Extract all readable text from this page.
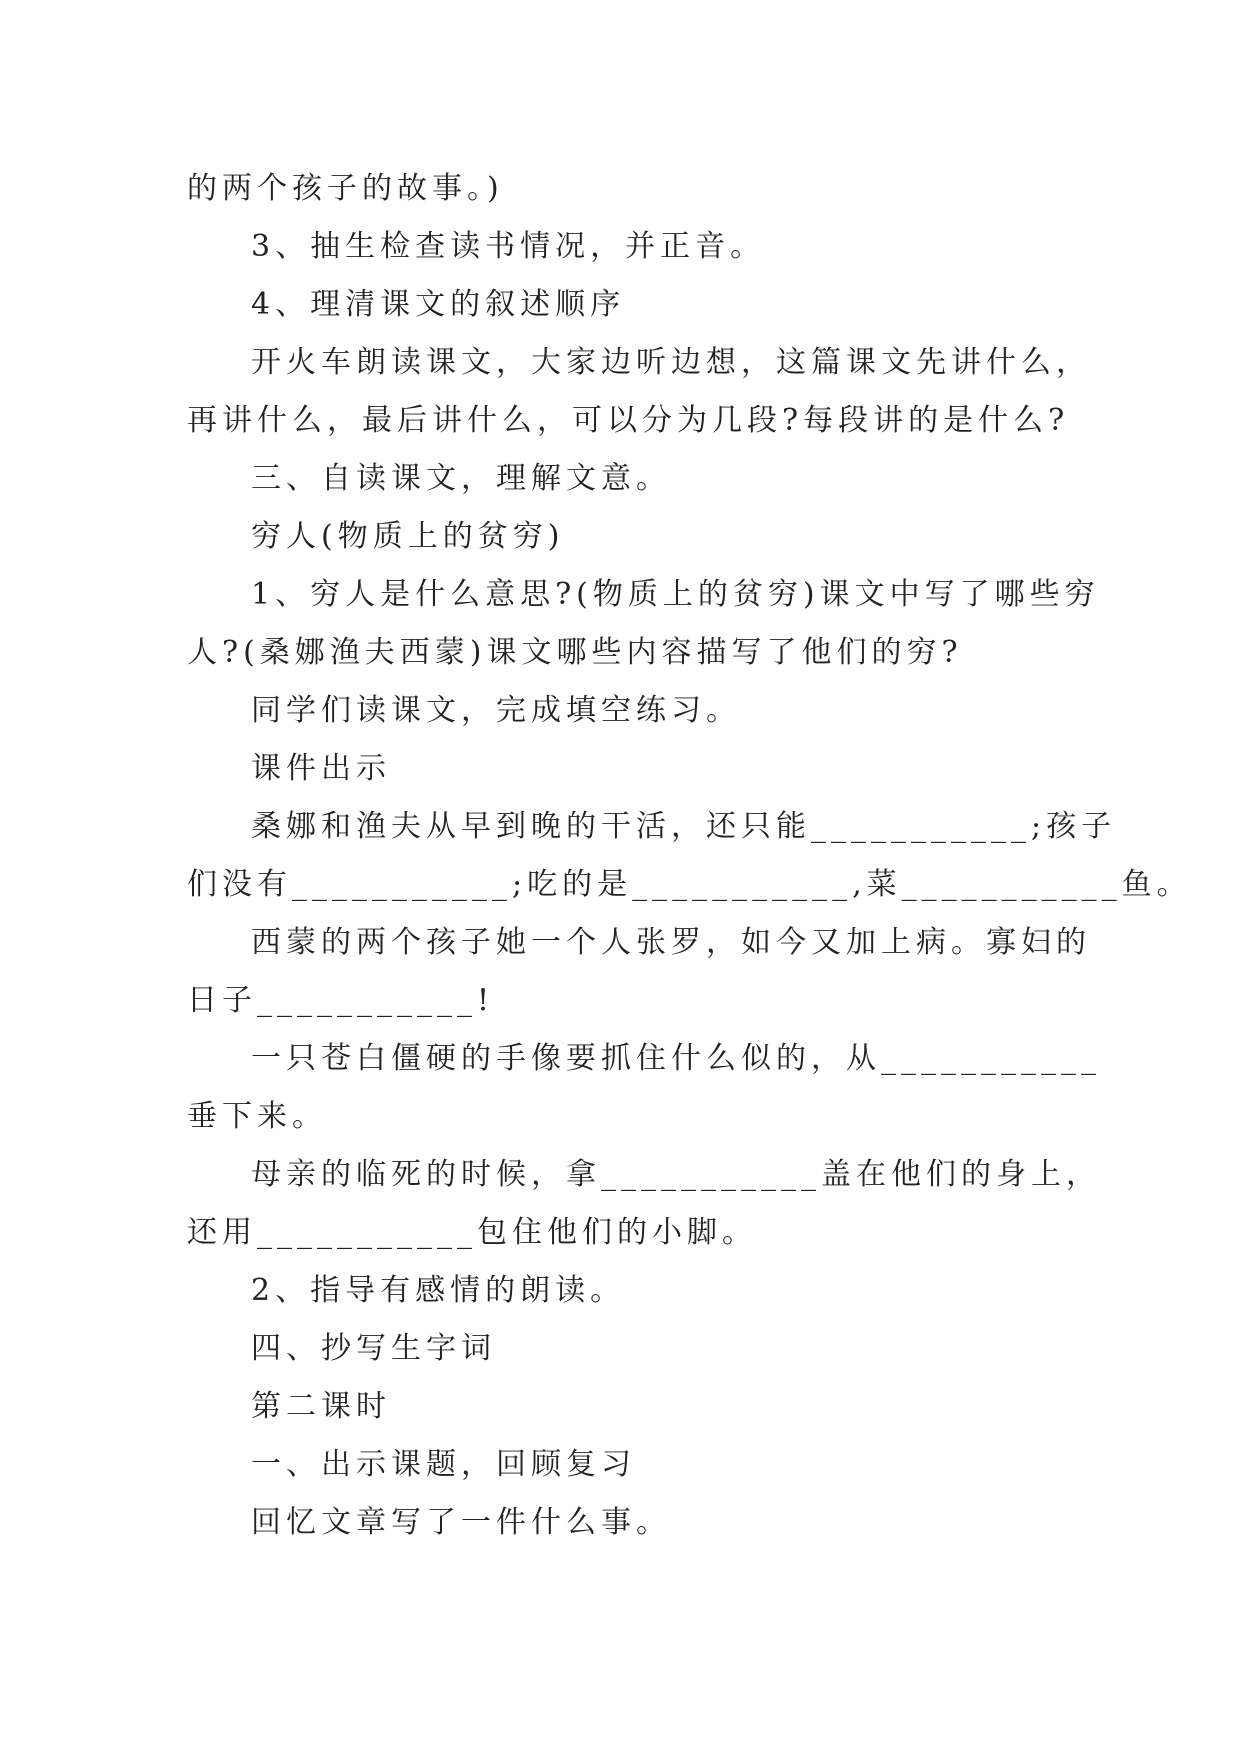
的两个孩子的故事。)
3、抽生检查读书情况，并正音。
4、理清课文的叙述顺序
开火车朗读课文，大家边听边想，这篇课文先讲什么，
再讲什么，最后讲什么，可以分为几段?每段讲的是什么?
三、自读课文，理解文意。
穷人(物质上的贫穷)
1、穷人是什么意思?(物质上的贫穷)课文中写了哪些穷
人?(桑娜渔夫西蒙)课文哪些内容描写了他们的穷?
同学们读课文，完成填空练习。
课件出示
桑娜和渔夫从早到晚的干活，还只能___________;孩子
们没有___________;吃的是___________,菜___________鱼。
西蒙的两个孩子她一个人张罗，如今又加上病。寡妇的
日子___________!
一只苍白僵硬的手像要抓住什么似的，从___________
垂下来。
母亲的临死的时候，拿___________盖在他们的身上，
还用___________包住他们的小脚。
2、指导有感情的朗读。
四、抄写生字词
第二课时
一、出示课题，回顾复习
回忆文章写了一件什么事。
